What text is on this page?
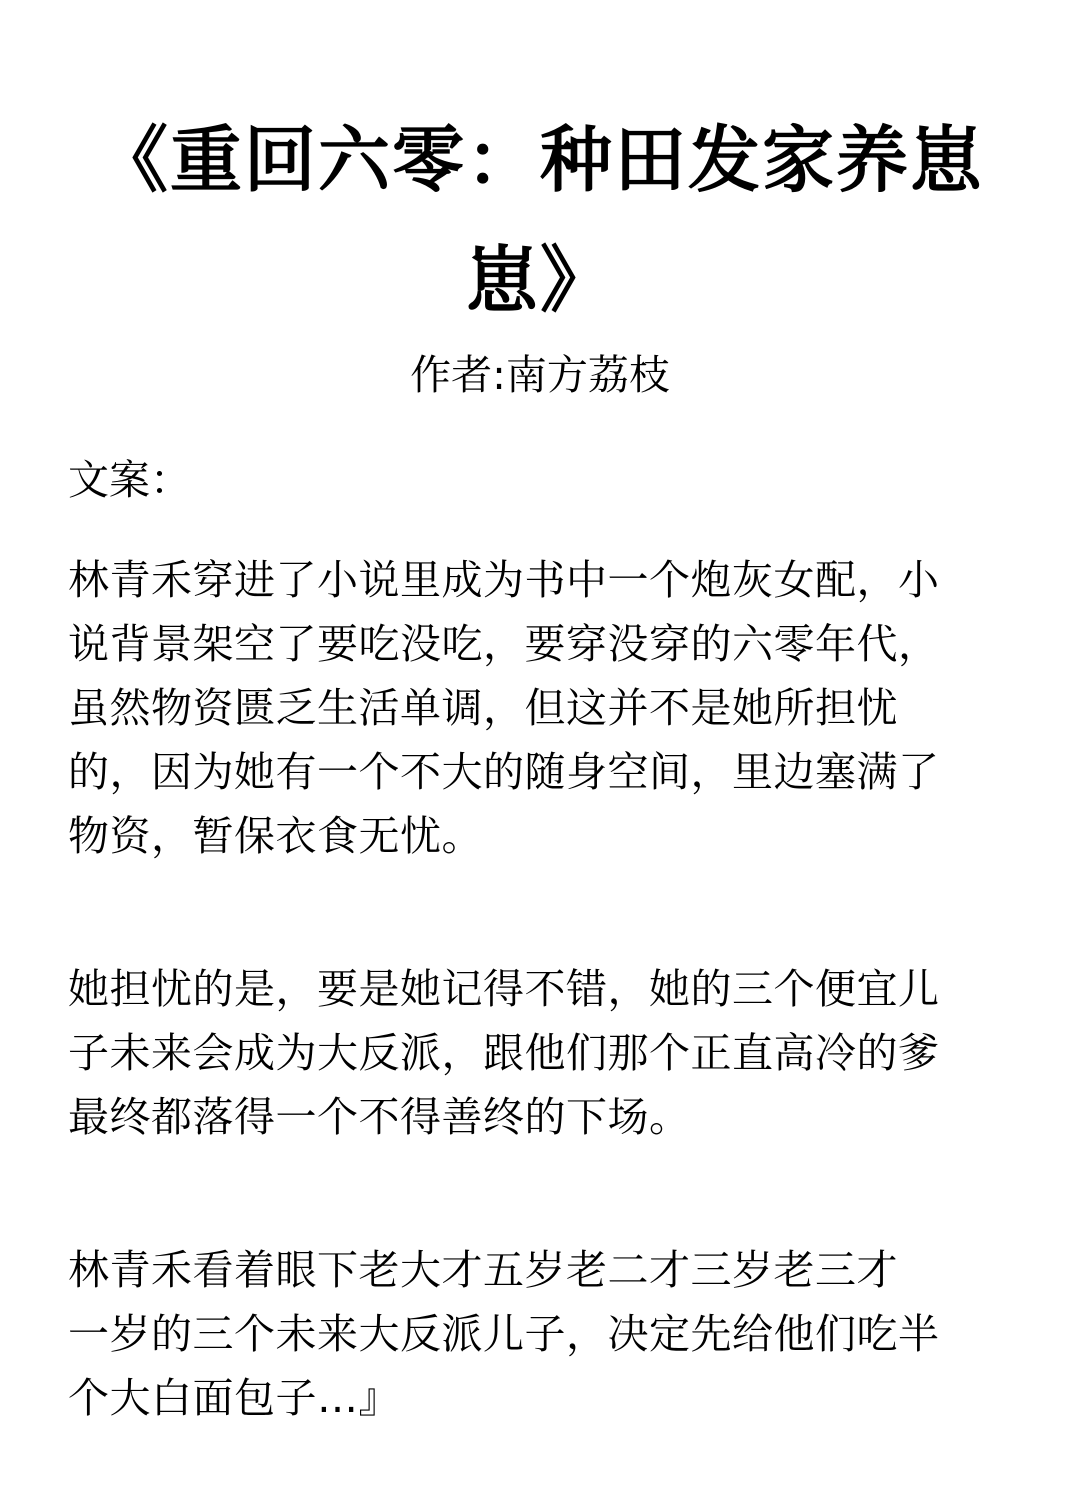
《重回六零：种田发家养崽
崽》
作者:南方荔枝
文案：

林青禾穿进了小说里成为书中一个炮灰女配，小
说背景架空了要吃没吃，要穿没穿的六零年代，
虽然物资匮乏生活单调，但这并不是她所担忧
的，因为她有一个不大的随身空间，里边塞满了
物资，暂保衣食无忧。

她担忧的是，要是她记得不错，她的三个便宜儿
子未来会成为大反派，跟他们那个正直高冷的爹
最终都落得一个不得善终的下场。

林青禾看着眼下老大才五岁老二才三岁老三才
一岁的三个未来大反派儿子，决定先给他们吃半
个大白面包子…』
